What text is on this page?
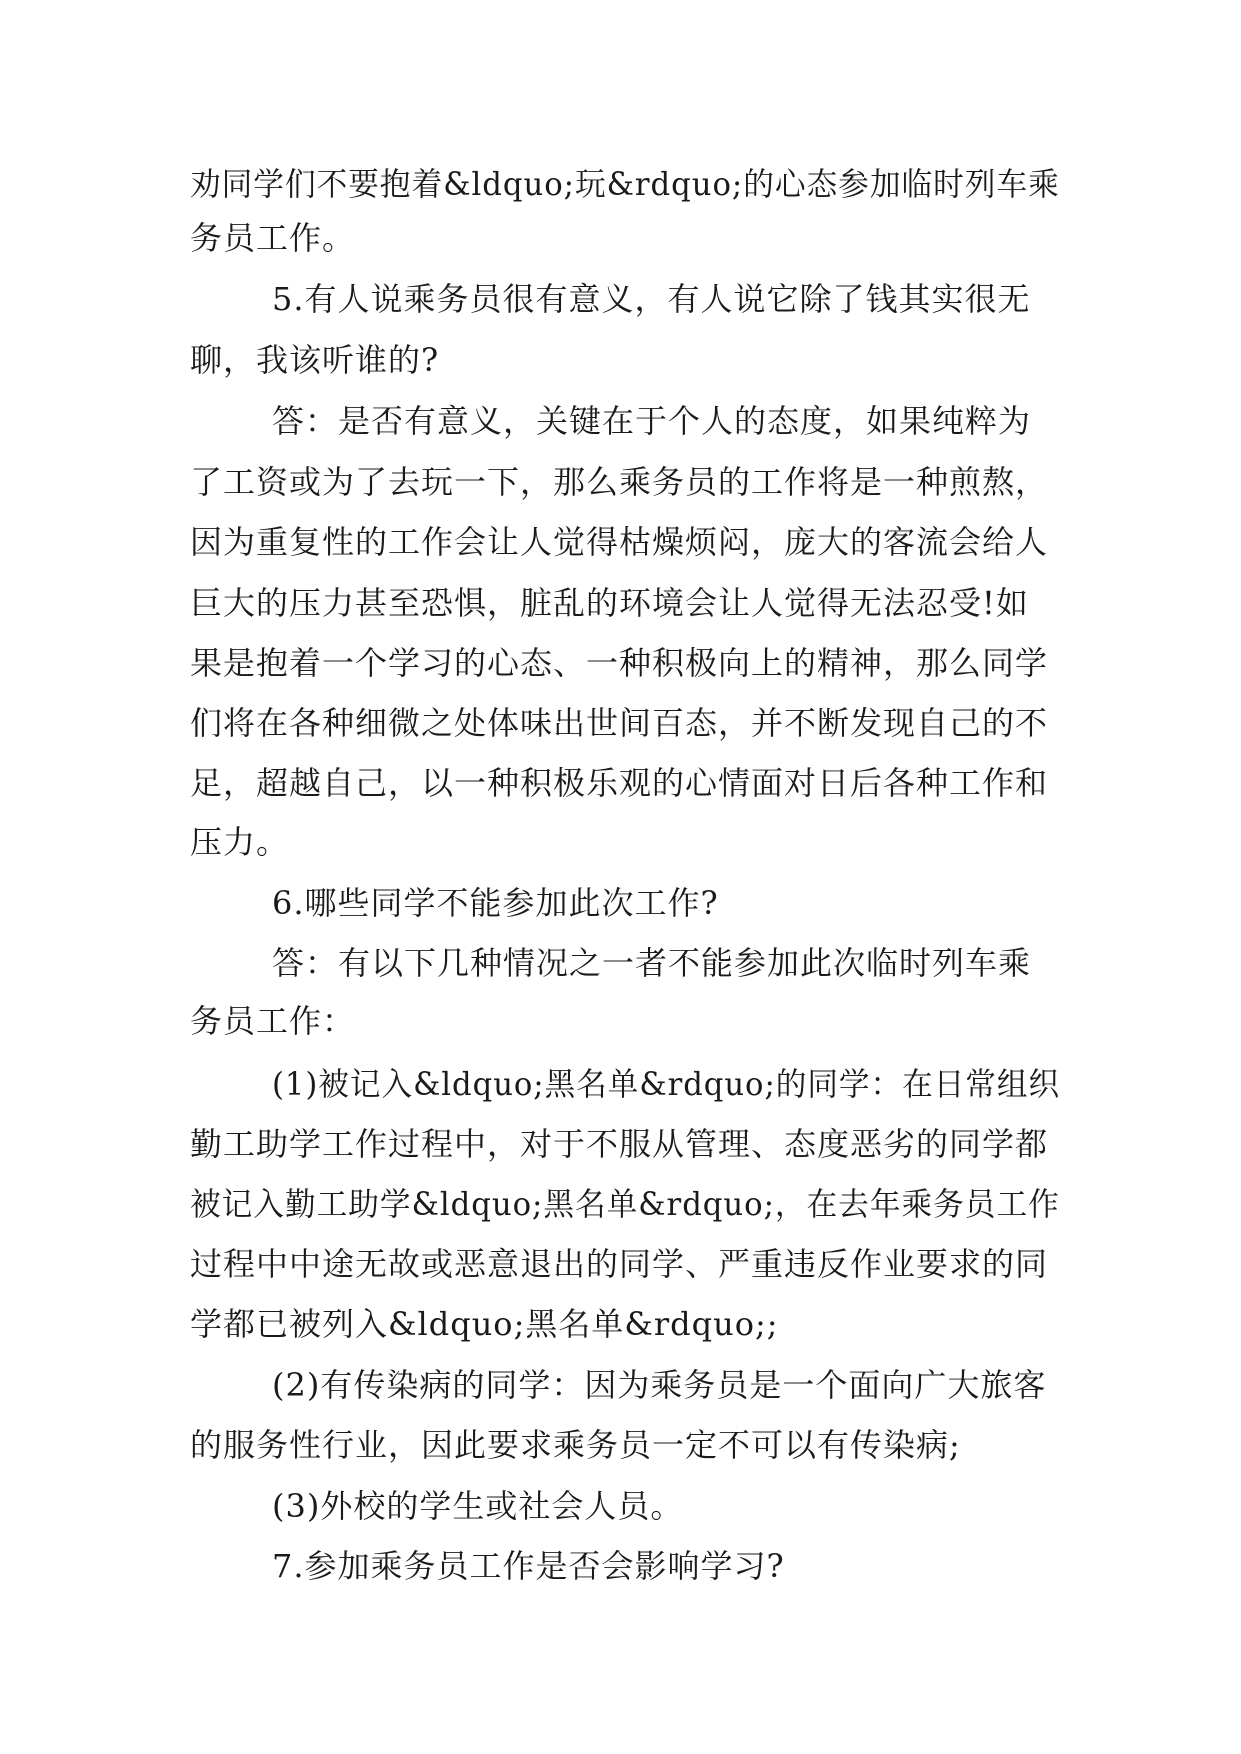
劝同学们不要抱着&ldquo;玩&rdquo;的心态参加临时列车乘

务员工作。

5.有人说乘务员很有意义，有人说它除了钱其实很无

聊，我该听谁的?

答：是否有意义，关键在于个人的态度，如果纯粹为

了工资或为了去玩一下，那么乘务员的工作将是一种煎熬，

因为重复性的工作会让人觉得枯燥烦闷，庞大的客流会给人

巨大的压力甚至恐惧，脏乱的环境会让人觉得无法忍受!如

果是抱着一个学习的心态、一种积极向上的精神，那么同学

们将在各种细微之处体味出世间百态，并不断发现自己的不

足，超越自己，以一种积极乐观的心情面对日后各种工作和

压力。

6.哪些同学不能参加此次工作?

答：有以下几种情况之一者不能参加此次临时列车乘

务员工作：

(1)被记入&ldquo;黑名单&rdquo;的同学：在日常组织

勤工助学工作过程中，对于不服从管理、态度恶劣的同学都

被记入勤工助学&ldquo;黑名单&rdquo;，在去年乘务员工作

过程中中途无故或恶意退出的同学、严重违反作业要求的同

学都已被列入&ldquo;黑名单&rdquo;;

(2)有传染病的同学：因为乘务员是一个面向广大旅客

的服务性行业，因此要求乘务员一定不可以有传染病;

(3)外校的学生或社会人员。

7.参加乘务员工作是否会影响学习?
